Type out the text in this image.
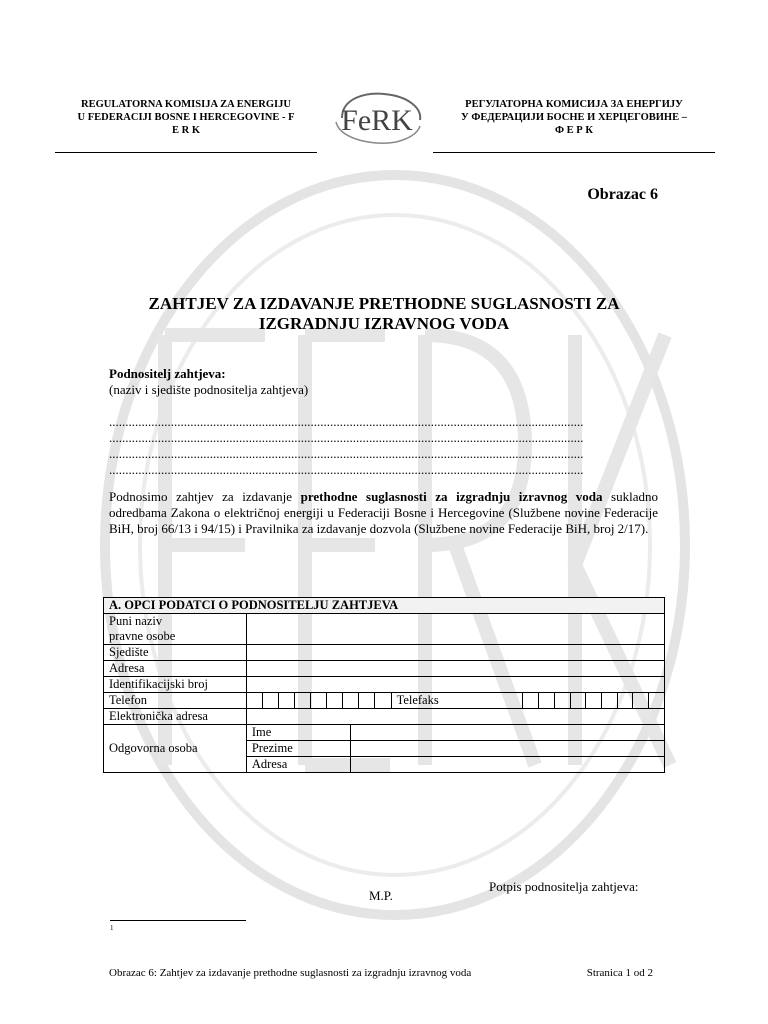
REGULATORNA KOMISIJA ZA ENERGIJU
U FEDERACIJI BOSNE I HERCEGOVINE - F
E R K
РЕГУЛАТОРНА КОМИСИЈА ЗА ЕНЕРГИЈУ
У ФЕДЕРАЦИЈИ БОСНЕ И ХЕРЦЕГОВИНЕ –
Ф Е Р К
FeRK
Obrazac 6
ZAHTJEV ZA IZDAVANJE PRETHODNE SUGLASNOSTI ZA
IZGRADNJU IZRAVNOG VODA
Podnositelj zahtjeva:
(naziv i sjedište podnositelja zahtjeva)
..................................................................................................................................................
..................................................................................................................................................
..................................................................................................................................................
..................................................................................................................................................
Podnosimo zahtjev za izdavanje prethodne suglasnosti za izgradnju izravnog voda sukladno odredbama Zakona o električnoj energiji u Federaciji Bosne i Hercegovine (Službene novine Federacije BiH, broj 66/13 i 94/15) i Pravilnika za izdavanje dozvola (Službene novine Federacije BiH, broj 2/17).
A. OPCI PODATCI O PODNOSITELJU ZAHTJEVA				

Puni naziv
pravne osobe				

Sjedište				
Adresa				
Identifikacijski broj				
Telefon			Telefaks	

Elektronička adresa				
Odgovorna osoba	Ime			
	Prezime			
	Adresa			
M.P.
Potpis podnositelja zahtjeva:
1
Obrazac 6: Zahtjev za izdavanje prethodne suglasnosti za izgradnju izravnog voda	Stranica 1 od 2
